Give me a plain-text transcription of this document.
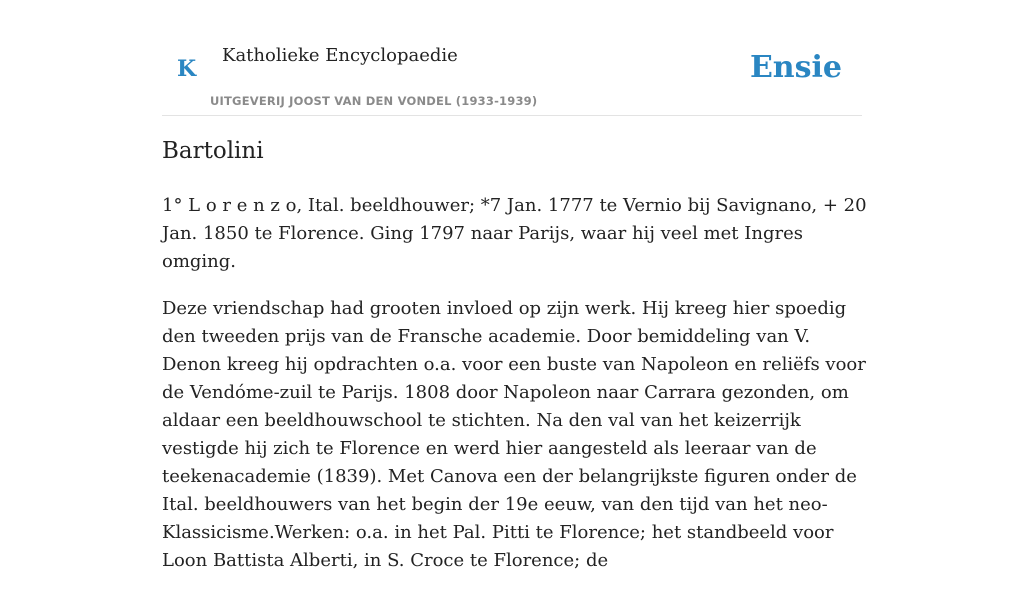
K
Katholieke Encyclopaedie
UITGEVERIJ JOOST VAN DEN VONDEL (1933-1939)
Ensie
Bartolini

1° L o r e n z o, Ital. beeldhouwer; *7 Jan. 1777 te Vernio bij Savignano, + 20 Jan. 1850 te Florence. Ging 1797 naar Parijs, waar hij veel met Ingres omging.

Deze vriendschap had grooten invloed op zijn werk. Hij kreeg hier spoedig den tweeden prijs van de Fransche academie. Door bemiddeling van V. Denon kreeg hij opdrachten o.a. voor een buste van Napoleon en reliëfs voor de Vendóme-zuil te Parijs. 1808 door Napoleon naar Carrara gezonden, om aldaar een beeldhouwschool te stichten. Na den val van het keizerrijk vestigde hij zich te Florence en werd hier aangesteld als leeraar van de teekenacademie (1839). Met Canova een der belangrijkste figuren onder de Ital. beeldhouwers van het begin der 19e eeuw, van den tijd van het neo-Klassicisme.Werken: o.a. in het Pal. Pitti te Florence; het standbeeld voor Loon Battista Alberti, in S. Croce te Florence; de
